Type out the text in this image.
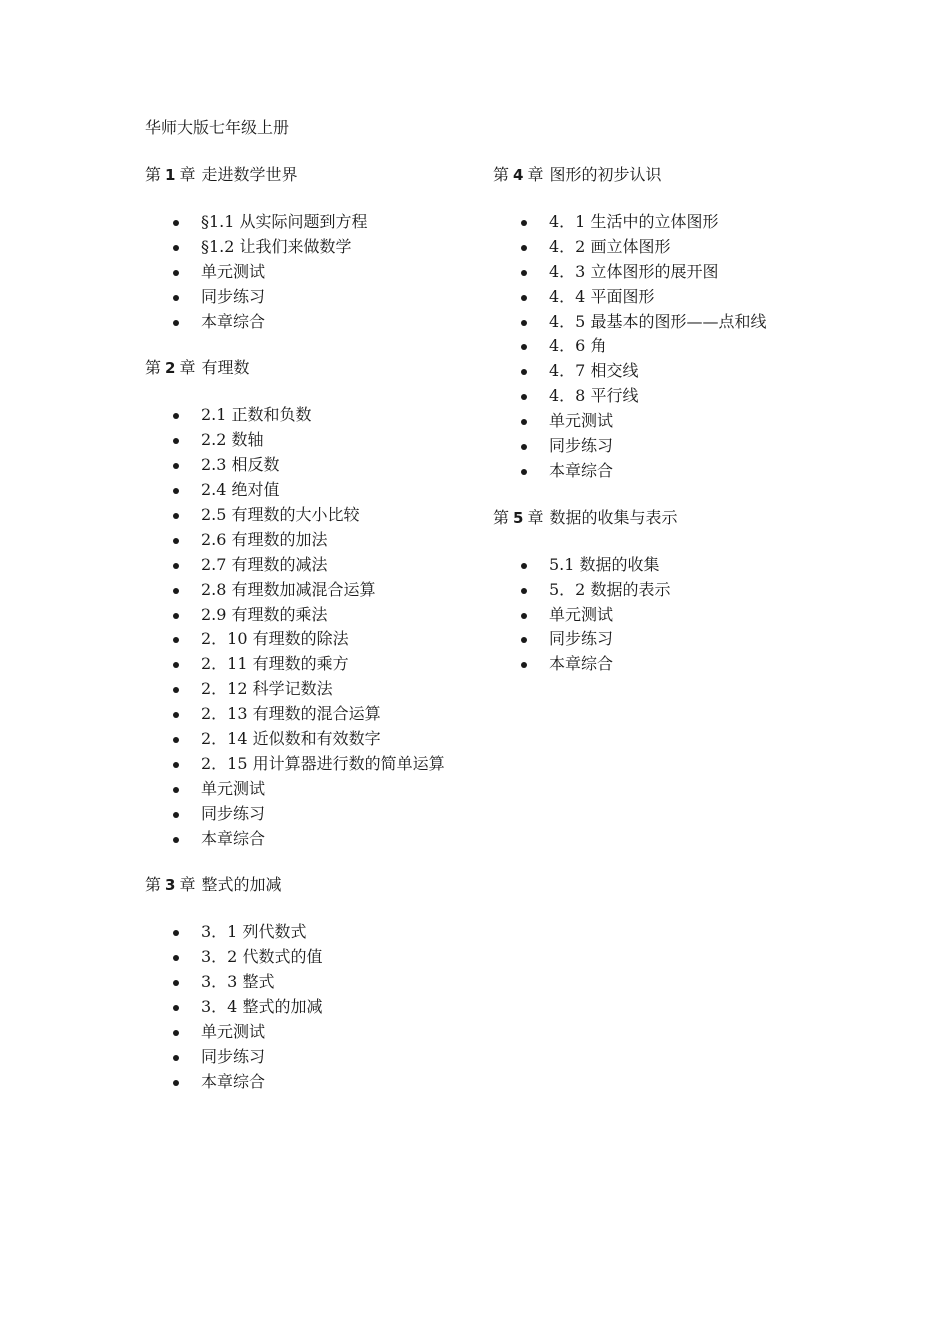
华师大版七年级上册
第 1 章 走进数学世界
§1.1 从实际问题到方程
§1.2 让我们来做数学
单元测试
同步练习
本章综合
第 2 章 有理数
2.1 正数和负数
2.2 数轴
2.3 相反数
2.4 绝对值
2.5 有理数的大小比较
2.6 有理数的加法
2.7 有理数的减法
2.8 有理数加减混合运算
2.9 有理数的乘法
2．10 有理数的除法
2．11 有理数的乘方
2．12 科学记数法
2．13 有理数的混合运算
2．14 近似数和有效数字
2．15 用计算器进行数的简单运算
单元测试
同步练习
本章综合
第 3 章 整式的加减
3．1 列代数式
3．2 代数式的值
3．3 整式
3．4 整式的加减
单元测试
同步练习
本章综合
第 4 章 图形的初步认识
4．1 生活中的立体图形
4．2 画立体图形
4．3 立体图形的展开图
4．4 平面图形
4．5 最基本的图形——点和线
4．6 角
4．7 相交线
4．8 平行线
单元测试
同步练习
本章综合
第 5 章 数据的收集与表示
5.1 数据的收集
5．2 数据的表示
单元测试
同步练习
本章综合
